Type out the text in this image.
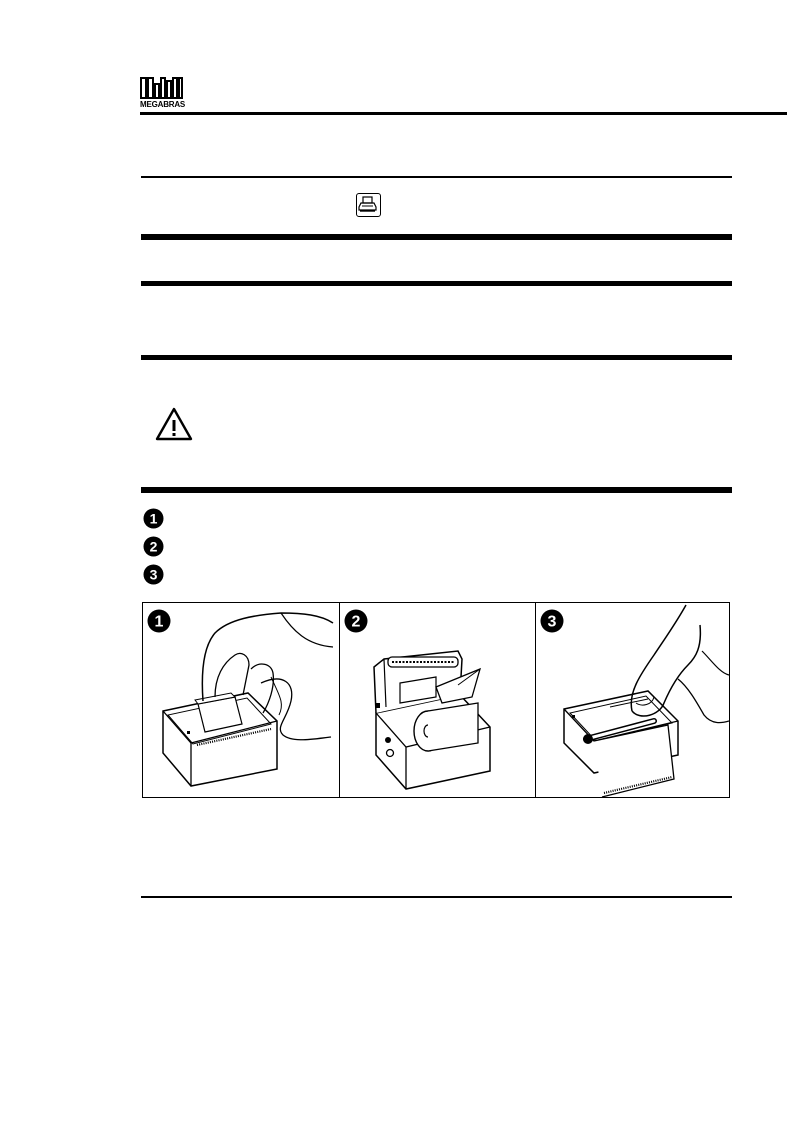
MEGABRAS
1
2
3
1	2	3
